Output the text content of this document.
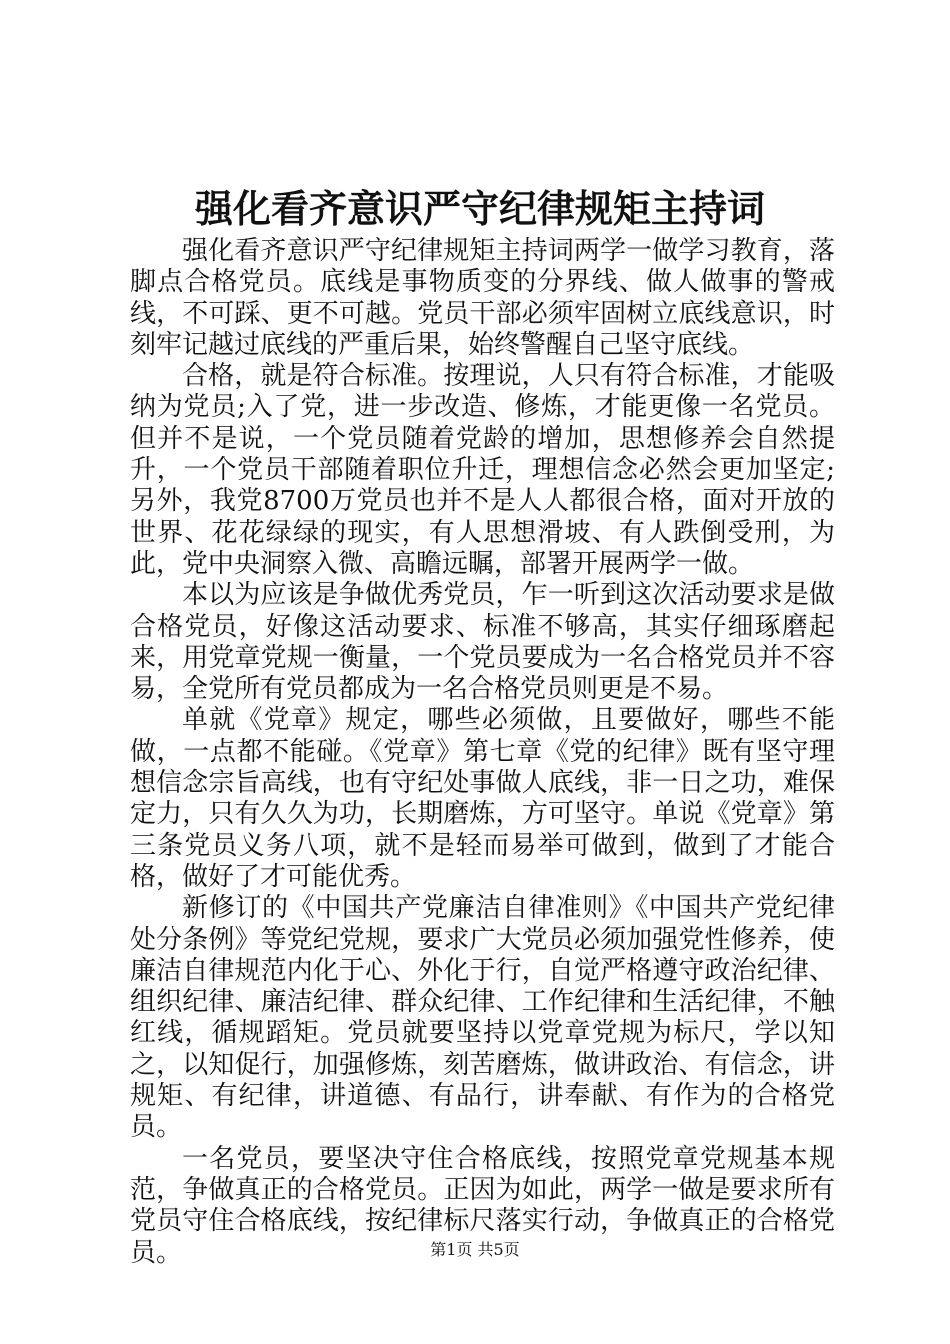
强化看齐意识严守纪律规矩主持词

强化看齐意识严守纪律规矩主持词两学一做学习教育，落脚点合格党员。底线是事物质变的分界线、做人做事的警戒线，不可踩、更不可越。党员干部必须牢固树立底线意识，时刻牢记越过底线的严重后果，始终警醒自己坚守底线。

合格，就是符合标准。按理说，人只有符合标准，才能吸纳为党员;入了党，进一步改造、修炼，才能更像一名党员。但并不是说，一个党员随着党龄的增加，思想修养会自然提升，一个党员干部随着职位升迁，理想信念必然会更加坚定;另外，我党8700万党员也并不是人人都很合格，面对开放的世界、花花绿绿的现实，有人思想滑坡、有人跌倒受刑，为此，党中央洞察入微、高瞻远瞩，部署开展两学一做。

本以为应该是争做优秀党员，乍一听到这次活动要求是做合格党员，好像这活动要求、标准不够高，其实仔细琢磨起来，用党章党规一衡量，一个党员要成为一名合格党员并不容易，全党所有党员都成为一名合格党员则更是不易。

单就《党章》规定，哪些必须做，且要做好，哪些不能做，一点都不能碰。《党章》第七章《党的纪律》既有坚守理想信念宗旨高线，也有守纪处事做人底线，非一日之功，难保定力，只有久久为功，长期磨炼，方可坚守。单说《党章》第三条党员义务八项，就不是轻而易举可做到，做到了才能合格，做好了才可能优秀。

新修订的《中国共产党廉洁自律准则》《中国共产党纪律处分条例》等党纪党规，要求广大党员必须加强党性修养，使廉洁自律规范内化于心、外化于行，自觉严格遵守政治纪律、组织纪律、廉洁纪律、群众纪律、工作纪律和生活纪律，不触红线，循规蹈矩。党员就要坚持以党章党规为标尺，学以知之，以知促行，加强修炼，刻苦磨炼，做讲政治、有信念，讲规矩、有纪律，讲道德、有品行，讲奉献、有作为的合格党员。

一名党员，要坚决守住合格底线，按照党章党规基本规范，争做真正的合格党员。正因为如此，两学一做是要求所有党员守住合格底线，按纪律标尺落实行动，争做真正的合格党员。	第1页 共5页
